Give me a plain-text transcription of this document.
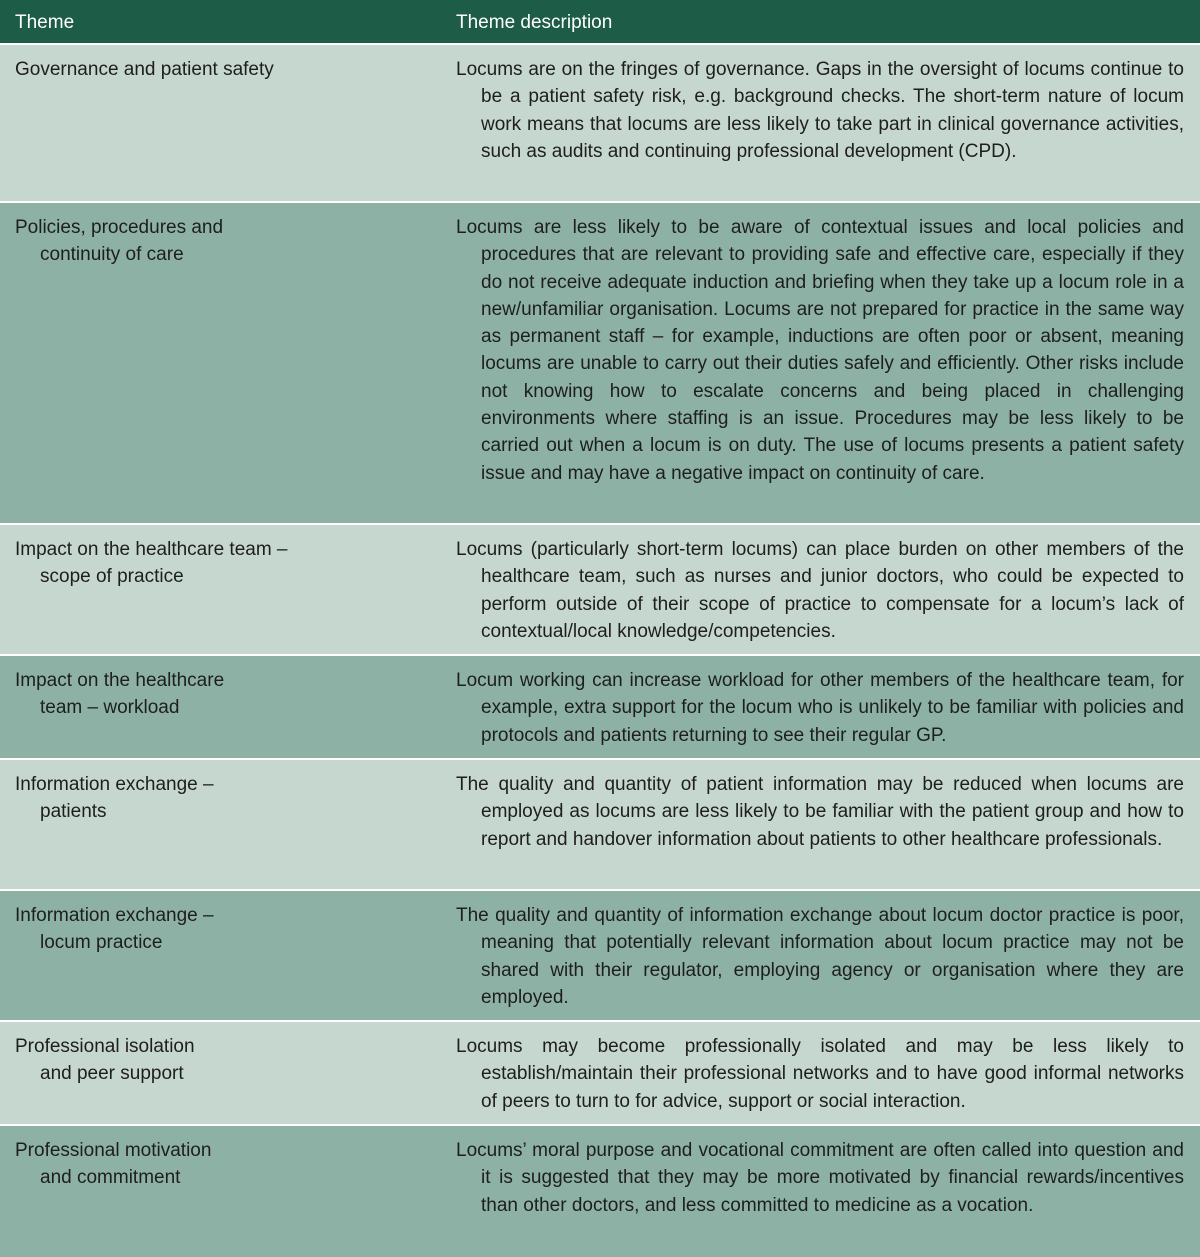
Theme	Theme description

Governance and patient safety	Locums are on the fringes of governance. Gaps in the oversight of locums continue to be a patient safety risk, e.g. background checks. The short-term nature of locum work means that locums are less likely to take part in clinical governance activities, such as audits and continuing professional development (CPD).

Policies, procedures and continuity of care

Locums are less likely to be aware of contextual issues and local policies and procedures that are relevant to providing safe and effective care, especially if they do not receive adequate induction and briefing when they take up a locum role in a new/unfamiliar organisation. Locums are not prepared for practice in the same way as permanent staff – for example, inductions are often poor or absent, meaning locums are unable to carry out their duties safely and efficiently. Other risks include not knowing how to escalate concerns and being placed in challenging environments where staffing is an issue. Procedures may be less likely to be carried out when a locum is on duty. The use of locums presents a patient safety issue and may have a negative impact on continuity of care.

Impact on the healthcare team – scope of practice

Locums (particularly short-term locums) can place burden on other members of the healthcare team, such as nurses and junior doctors, who could be expected to perform outside of their scope of practice to compensate for a locum’s lack of contextual/local knowledge/competencies.

Impact on the healthcare team – workload

Locum working can increase workload for other members of the healthcare team, for example, extra support for the locum who is unlikely to be familiar with policies and protocols and patients returning to see their regular GP.

Information exchange – patients

The quality and quantity of patient information may be reduced when locums are employed as locums are less likely to be familiar with the patient group and how to report and handover information about patients to other healthcare professionals.

Information exchange – locum practice

The quality and quantity of information exchange about locum doctor practice is poor, meaning that potentially relevant information about locum practice may not be shared with their regulator, employing agency or organisation where they are employed.

Professional isolation and peer support

Locums may become professionally isolated and may be less likely to establish/maintain their professional networks and to have good informal networks of peers to turn to for advice, support or social interaction.

Professional motivation and commitment

Locums’ moral purpose and vocational commitment are often called into question and it is suggested that they may be more motivated by financial rewards/incentives than other doctors, and less committed to medicine as a vocation.
